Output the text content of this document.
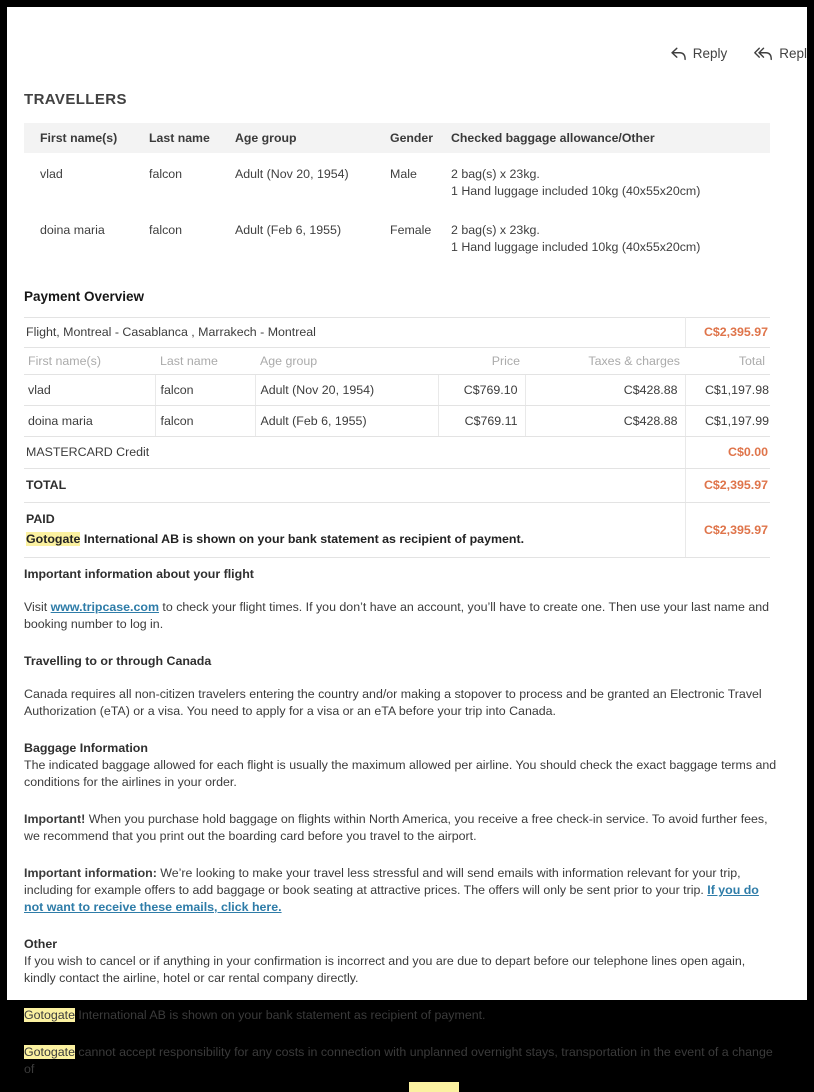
Reply	Repl
TRAVELLERS
First name(s)	Last name	Age group	Gender	Checked baggage allowance/Other
vlad	falcon	Adult (Nov 20, 1954)	Male	2 bag(s) x 23kg.
1 Hand luggage included 10kg (40x55x20cm)

doina maria	falcon	Adult (Feb 6, 1955)	Female	2 bag(s) x 23kg.
1 Hand luggage included 10kg (40x55x20cm)
Payment Overview
Flight, Montreal - Casablanca , Marrakech - Montreal					C$2,395.97
First name(s)	Last name	Age group	Price	Taxes & charges	Total
vlad	falcon	Adult (Nov 20, 1954)	C$769.10	C$428.88	C$1,197.98
doina maria	falcon	Adult (Feb 6, 1955)	C$769.11	C$428.88	C$1,197.99
MASTERCARD Credit					C$0.00
TOTAL					C$2,395.97

PAID
Gotogate International AB is shown on your bank statement as recipient of payment.					C$2,395.97
Important information about your flight

Visit www.tripcase.com to check your flight times. If you don’t have an account, you’ll have to create one. Then use your last name and booking number to log in.

Travelling to or through Canada

Canada requires all non-citizen travelers entering the country and/or making a stopover to process and be granted an Electronic Travel Authorization (eTA) or a visa. You need to apply for a visa or an eTA before your trip into Canada.

Baggage Information

The indicated baggage allowed for each flight is usually the maximum allowed per airline. You should check the exact baggage terms and conditions for the airlines in your order.

Important! When you purchase hold baggage on flights within North America, you receive a free check-in service. To avoid further fees, we recommend that you print out the boarding card before you travel to the airport.

Important information: We’re looking to make your travel less stressful and will send emails with information relevant for your trip, including for example offers to add baggage or book seating at attractive prices. The offers will only be sent prior to your trip. If you do not want to receive these emails, click here.

Other

If you wish to cancel or if anything in your confirmation is incorrect and you are due to depart before our telephone lines open again, kindly contact the airline, hotel or car rental company directly.

Gotogate International AB is shown on your bank statement as recipient of payment.

Gotogate cannot accept responsibility for any costs in connection with unplanned overnight stays, transportation in the event of a change of
